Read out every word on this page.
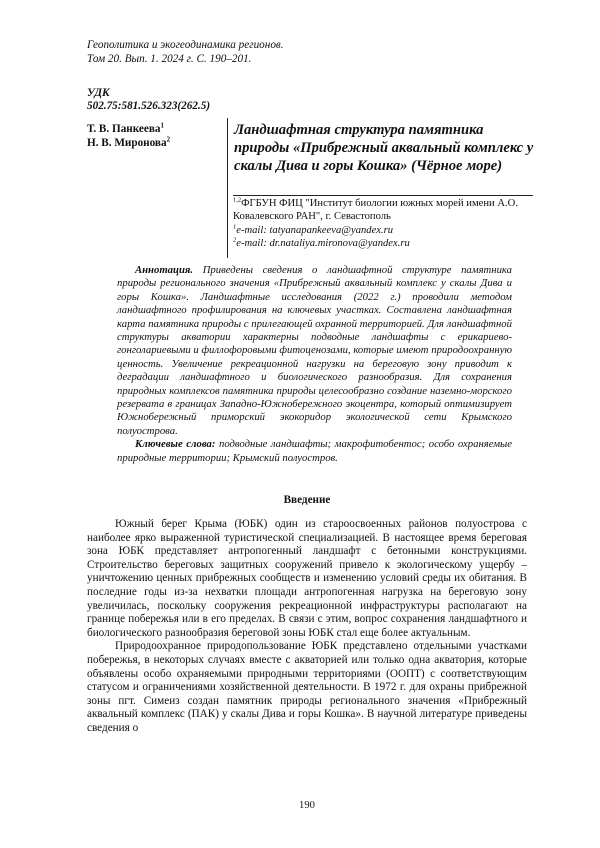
Геополитика и экогеодинамика регионов.
Том 20. Вып. 1. 2024 г. С. 190–201.
УДК
502.75:581.526.323(262.5)
Т. В. Панкеева$^1$
Н. В. Миронова$^2$
Ландшафтная структура памятника природы «Прибрежный аквальный комплекс у скалы Дива и горы Кошка» (Чёрное море)
$^{1,2}$ФГБУН ФИЦ "Институт биологии южных морей имени А.О. Ковалевского РАН", г. Севастополь
$^1$e-mail: tatyanapankeeva@yandex.ru
$^2$e-mail: dr.nataliya.mironova@yandex.ru

Аннотация. Приведены сведения о ландшафтной структуре памятника природы регионального значения «Прибрежный аквальный комплекс у скалы Дива и горы Кошка». Ландшафтные исследования (2022 г.) проводили методом ландшафтного профилирования на ключевых участках. Составлена ландшафтная карта памятника природы с прилегающей охранной территорией. Для ландшафтной структуры акватории характерны подводные ландшафты с ерикариево-гонголариевыми и филлофоровыми фитоценозами, которые имеют природоохранную ценность. Увеличение рекреационной нагрузки на береговую зону приводит к деградации ландшафтного и биологического разнообразия. Для сохранения природных комплексов памятника природы целесообразно создание наземно-морского резервата в границах Западно-Южнобережного экоцентра, который оптимизирует Южнобережный приморский экокоридор экологической сети Крымского полуострова.

Ключевые слова: подводные ландшафты; макрофитобентос; особо охраняемые природные территории; Крымский полуостров.

Введение

Южный берег Крыма (ЮБК) один из староосвоенных районов полуострова с наиболее ярко выраженной туристической специализацией. В настоящее время береговая зона ЮБК представляет антропогенный ландшафт с бетонными конструкциями. Строительство береговых защитных сооружений привело к экологическому ущербу – уничтожению ценных прибрежных сообществ и изменению условий среды их обитания. В последние годы из-за нехватки площади антропогенная нагрузка на береговую зону увеличилась, поскольку сооружения рекреационной инфраструктуры располагают на границе побережья или в его пределах. В связи с этим, вопрос сохранения ландшафтного и биологического разнообразия береговой зоны ЮБК стал еще более актуальным.

Природоохранное природопользование ЮБК представлено отдельными участками побережья, в некоторых случаях вместе с акваторией или только одна акватория, которые объявлены особо охраняемыми природными территориями (ООПТ) с соответствующим статусом и ограничениями хозяйственной деятельности. В 1972 г. для охраны прибрежной зоны пгт. Симеиз создан памятник природы регионального значения «Прибрежный аквальный комплекс (ПАК) у скалы Дива и горы Кошка». В научной литературе приведены сведения о

190
